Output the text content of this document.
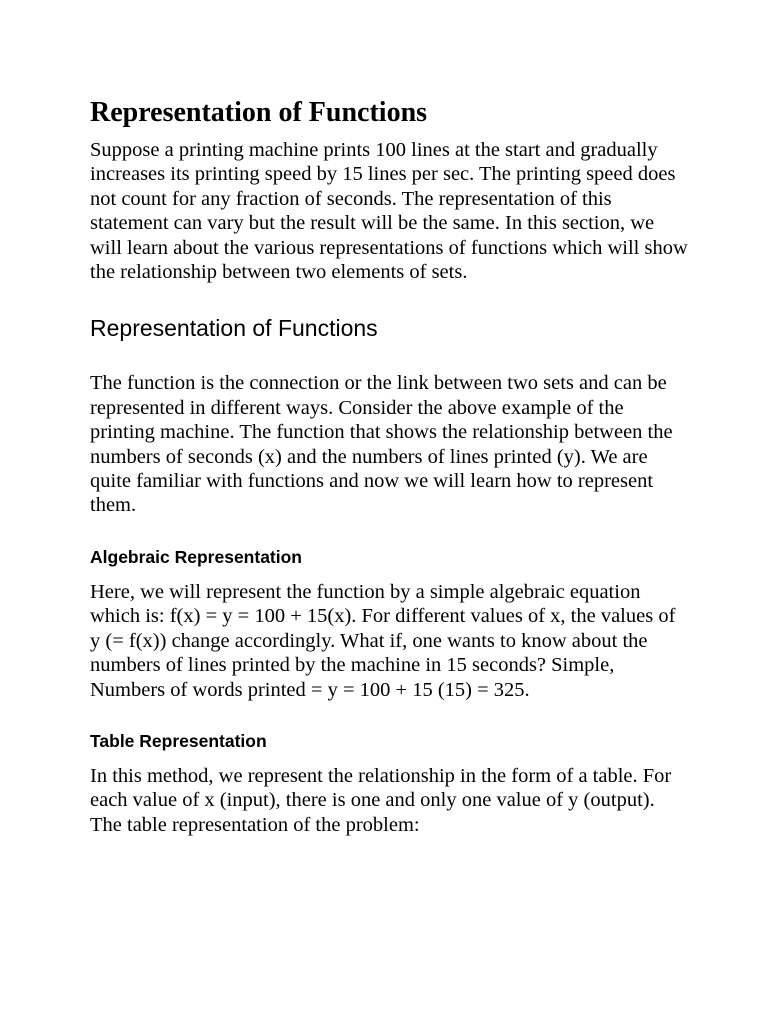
Representation of Functions

Suppose a printing machine prints 100 lines at the start and gradually increases its printing speed by 15 lines per sec. The printing speed does not count for any fraction of seconds. The representation of this statement can vary but the result will be the same. In this section, we will learn about the various representations of functions which will show the relationship between two elements of sets.

Representation of Functions

The function is the connection or the link between two sets and can be represented in different ways. Consider the above example of the printing machine. The function that shows the relationship between the numbers of seconds (x) and the numbers of lines printed (y). We are quite familiar with functions and now we will learn how to represent them.

Algebraic Representation

Here, we will represent the function by a simple algebraic equation which is: f(x) = y = 100 + 15(x). For different values of x, the values of y (= f(x)) change accordingly. What if, one wants to know about the numbers of lines printed by the machine in 15 seconds? Simple, Numbers of words printed = y = 100 + 15 (15) = 325.

Table Representation

In this method, we represent the relationship in the form of a table. For each value of x (input), there is one and only one value of y (output). The table representation of the problem:
